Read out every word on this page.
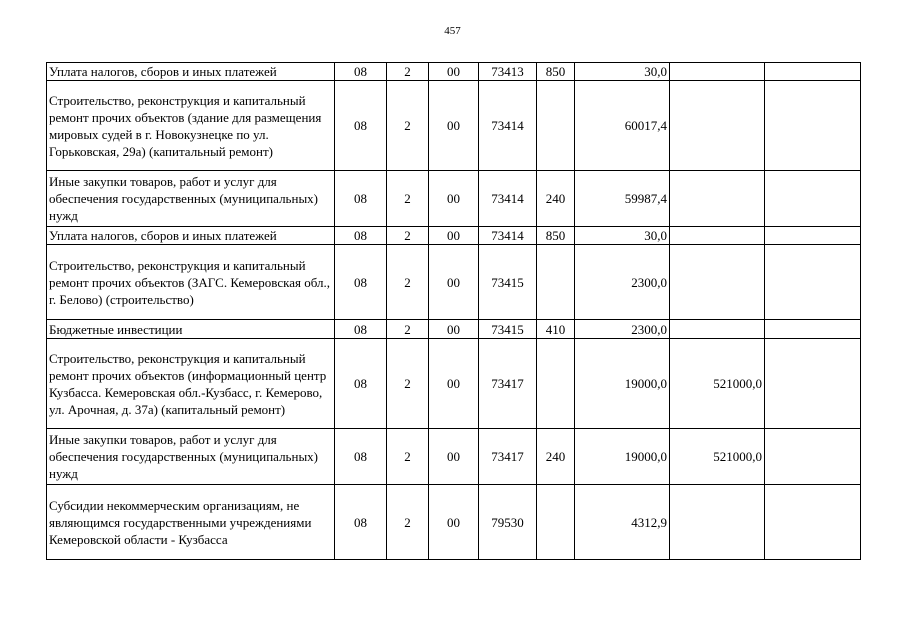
457
Уплата налогов, сборов и иных платежей	08	2	00	73413	850	30,0		
Строительство, реконструкция и капитальный ремонт прочих объектов (здание для размещения мировых судей в г. Новокузнецке по ул. Горьковская, 29а) (капитальный ремонт)	08	2	00	73414		60017,4		
Иные закупки товаров, работ и услуг для обеспечения государственных (муниципальных) нужд	08	2	00	73414	240	59987,4		
Уплата налогов, сборов и иных платежей	08	2	00	73414	850	30,0		
Строительство, реконструкция и капитальный ремонт прочих объектов (ЗАГС. Кемеровская обл., г. Белово) (строительство)	08	2	00	73415		2300,0		
Бюджетные инвестиции	08	2	00	73415	410	2300,0		
Строительство, реконструкция и капитальный ремонт прочих объектов (информационный центр Кузбасса. Кемеровская обл.-Кузбасс, г. Кемерово, ул. Арочная, д. 37а) (капитальный ремонт)	08	2	00	73417		19000,0	521000,0	
Иные закупки товаров, работ и услуг для обеспечения государственных (муниципальных) нужд	08	2	00	73417	240	19000,0	521000,0	
Субсидии некоммерческим организациям, не являющимся государственными учреждениями Кемеровской области - Кузбасса	08	2	00	79530		4312,9		
